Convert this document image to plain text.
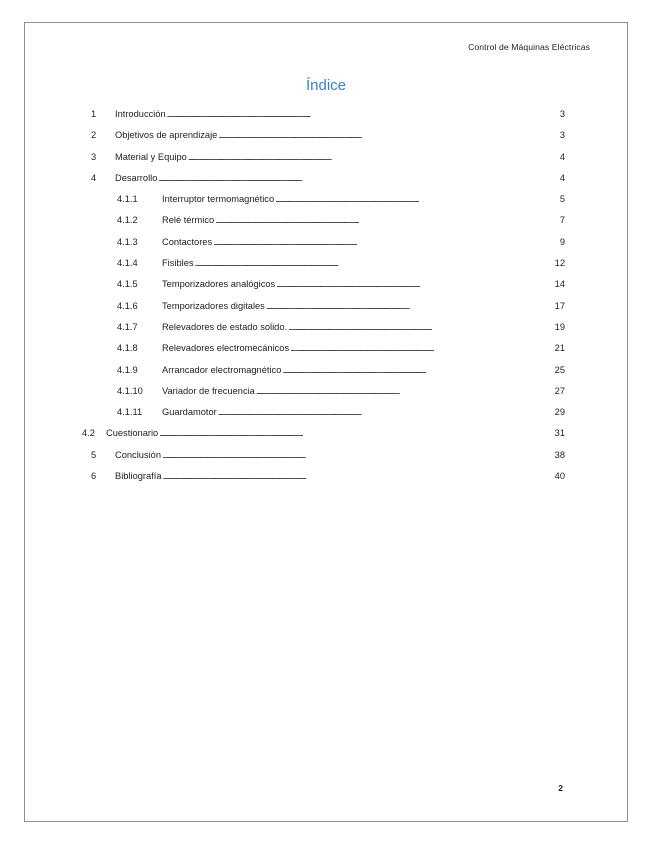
Control de Máquinas Eléctricas
Índice
1	Introducción . . .	3
2	Objetivos de aprendizaje . . .	3
3	Material y Equipo . . .	4
4	Desarrollo . . .	4
4.1.1	Interruptor termomagnético . . .	5
4.1.2	Relé térmico . . .	7
4.1.3	Contactores . . .	9
4.1.4	Fisibles . . .	12
4.1.5	Temporizadores analógicos . . .	14
4.1.6	Temporizadores digitales . . .	17
4.1.7	Relevadores de estado solido. . . .	19
4.1.8	Relevadores electromecánicos . . .	21
4.1.9	Arrancador electromagnético . . .	25
4.1.10	Variador de frecuencia . . .	27
4.1.11	Guardamotor . . .	29
4.2	Cuestionario . . .	31
5	Conclusión . . .	38
6	Bibliografía . . .	40
2
